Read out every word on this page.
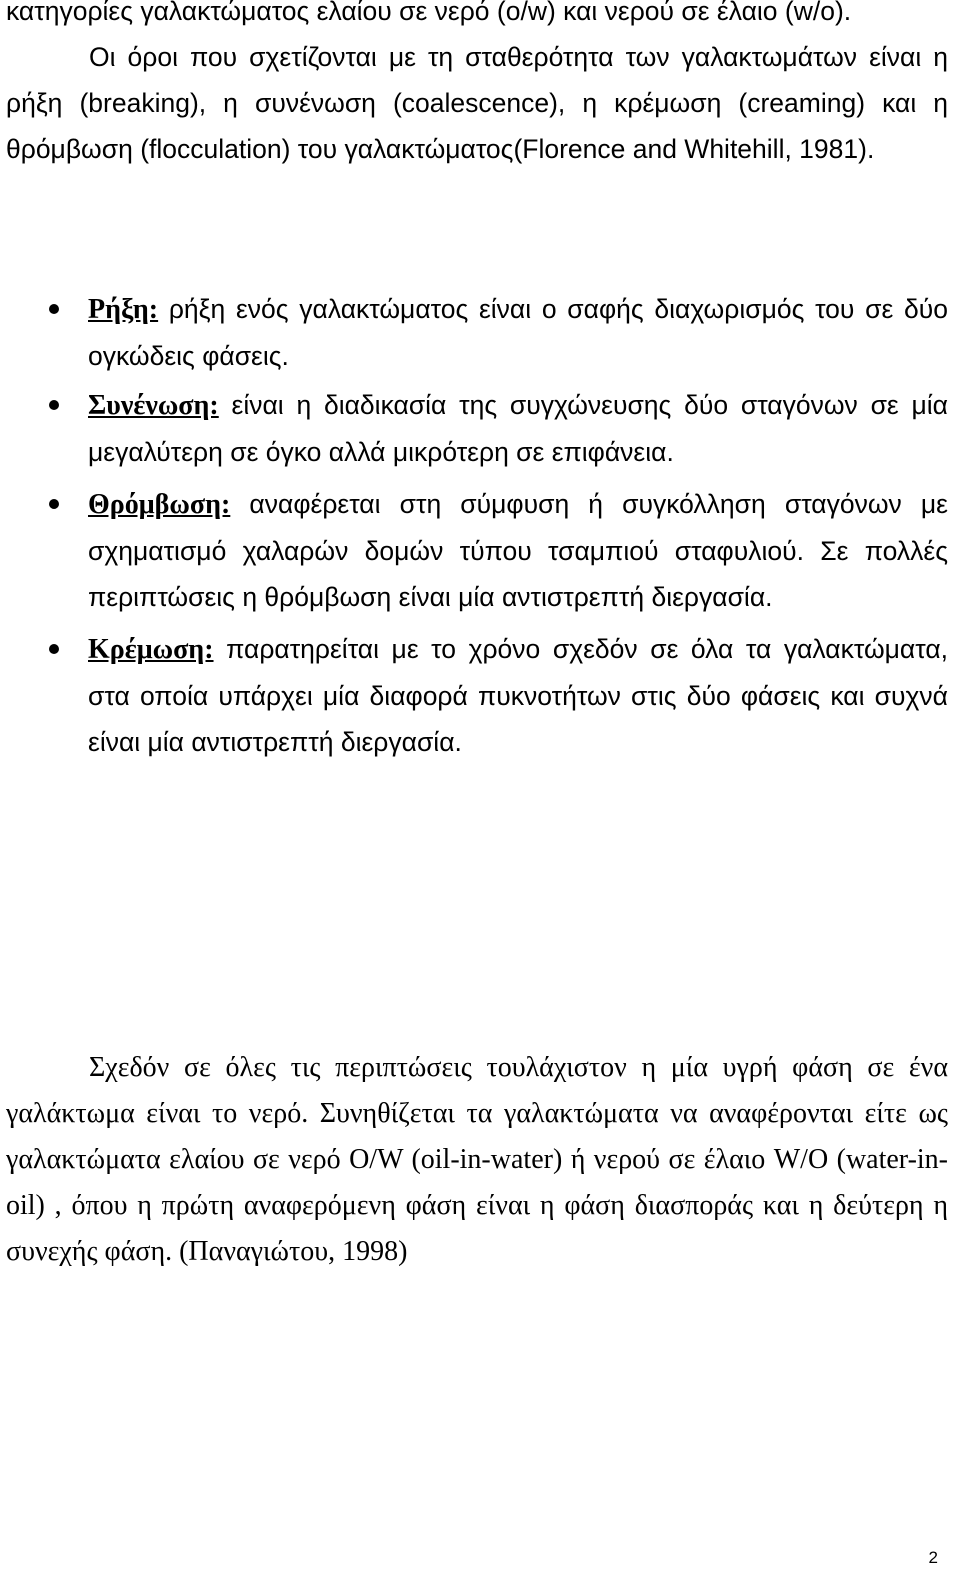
κατηγορίες γαλακτώματος ελαίου σε νερό (o/w) και νερού σε έλαιο (w/o).

Οι όροι που σχετίζονται με τη σταθερότητα των γαλακτωμάτων είναι η ρήξη (breaking), η συνένωση (coalescence), η κρέμωση (creaming) και η θρόμβωση (flocculation) του γαλακτώματος(Florence and Whitehill, 1981).

Ρήξη: ρήξη ενός γαλακτώματος είναι ο σαφής διαχωρισμός του σε δύο ογκώδεις φάσεις.
Συνένωση: είναι η διαδικασία της συγχώνευσης δύο σταγόνων σε μία μεγαλύτερη σε όγκο αλλά μικρότερη σε επιφάνεια.
Θρόμβωση: αναφέρεται στη σύμφυση ή συγκόλληση σταγόνων με σχηματισμό χαλαρών δομών τύπου τσαμπιού σταφυλιού. Σε πολλές περιπτώσεις η θρόμβωση είναι μία αντιστρεπτή διεργασία.
Κρέμωση: παρατηρείται με το χρόνο σχεδόν σε όλα τα γαλακτώματα, στα οποία υπάρχει μία διαφορά πυκνοτήτων στις δύο φάσεις και συχνά είναι μία αντιστρεπτή διεργασία.

Σχεδόν σε όλες τις περιπτώσεις τουλάχιστον η μία υγρή φάση σε ένα γαλάκτωμα είναι το νερό. Συνηθίζεται τα γαλακτώματα να αναφέρονται είτε ως γαλακτώματα ελαίου σε νερό O/W (oil-in-water) ή νερού σε έλαιο W/O (water-in-oil) , όπου η πρώτη αναφερόμενη φάση είναι η φάση διασποράς και η δεύτερη η συνεχής φάση. (Παναγιώτου, 1998)

2
